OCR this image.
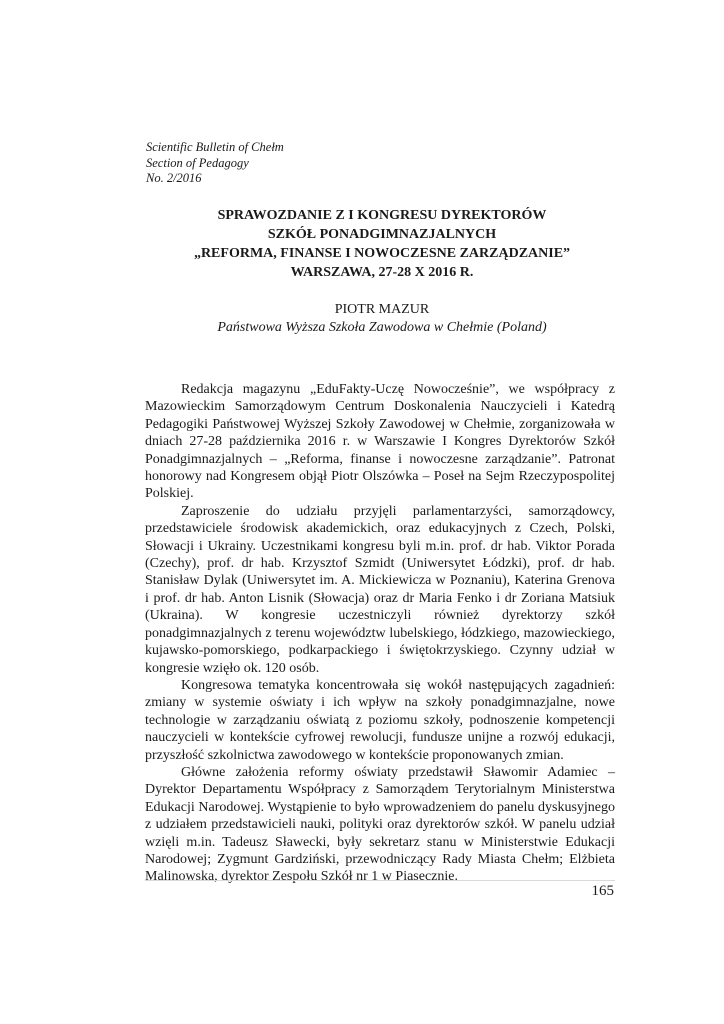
Scientific Bulletin of Chełm
Section of Pedagogy
No. 2/2016
SPRAWOZDANIE Z I KONGRESU DYREKTORÓW
SZKÓŁ PONADGIMNAZJALNYCH
„REFORMA, FINANSE I NOWOCZESNE ZARZĄDZANIE”
WARSZAWA, 27-28 X 2016 R.
PIOTR MAZUR
Państwowa Wyższa Szkoła Zawodowa w Chełmie (Poland)

Redakcja magazynu „EduFakty-Uczę Nowocześnie”, we współpracy z Mazowieckim Samorządowym Centrum Doskonalenia Nauczycieli i Katedrą Pedagogiki Państwowej Wyższej Szkoły Zawodowej w Chełmie, zorganizowała w dniach 27-28 października 2016 r. w Warszawie I Kongres Dyrektorów Szkół Ponadgimnazjalnych – „Reforma, finanse i nowoczesne zarządzanie”. Patronat honorowy nad Kongresem objął Piotr Olszówka – Poseł na Sejm Rzeczypospolitej Polskiej.

Zaproszenie do udziału przyjęli parlamentarzyści, samorządowcy, przedstawiciele środowisk akademickich, oraz edukacyjnych z Czech, Polski, Słowacji i Ukrainy. Uczestnikami kongresu byli m.in. prof. dr hab. Viktor Porada (Czechy), prof. dr hab. Krzysztof Szmidt (Uniwersytet Łódzki), prof. dr hab. Stanisław Dylak (Uniwersytet im. A. Mickiewicza w Poznaniu), Katerina Grenova i prof. dr hab. Anton Lisnik (Słowacja) oraz dr Maria Fenko i dr Zoriana Matsiuk (Ukraina). W kongresie uczestniczyli również dyrektorzy szkół ponadgimnazjalnych z terenu województw lubelskiego, łódzkiego, mazowieckiego, kujawsko-pomorskiego, podkarpackiego i świętokrzyskiego. Czynny udział w kongresie wzięło ok. 120 osób.

Kongresowa tematyka koncentrowała się wokół następujących zagadnień: zmiany w systemie oświaty i ich wpływ na szkoły ponadgimnazjalne, nowe technologie w zarządzaniu oświatą z poziomu szkoły, podnoszenie kompetencji nauczycieli w kontekście cyfrowej rewolucji, fundusze unijne a rozwój edukacji, przyszłość szkolnictwa zawodowego w kontekście proponowanych zmian.

Główne założenia reformy oświaty przedstawił Sławomir Adamiec – Dyrektor Departamentu Współpracy z Samorządem Terytorialnym Ministerstwa Edukacji Narodowej. Wystąpienie to było wprowadzeniem do panelu dyskusyjnego z udziałem przedstawicieli nauki, polityki oraz dyrektorów szkół. W panelu udział wzięli m.in. Tadeusz Sławecki, były sekretarz stanu w Ministerstwie Edukacji Narodowej; Zygmunt Gardziński, przewodniczący Rady Miasta Chełm; Elżbieta Malinowska, dyrektor Zespołu Szkół nr 1 w Piasecznie.

165
